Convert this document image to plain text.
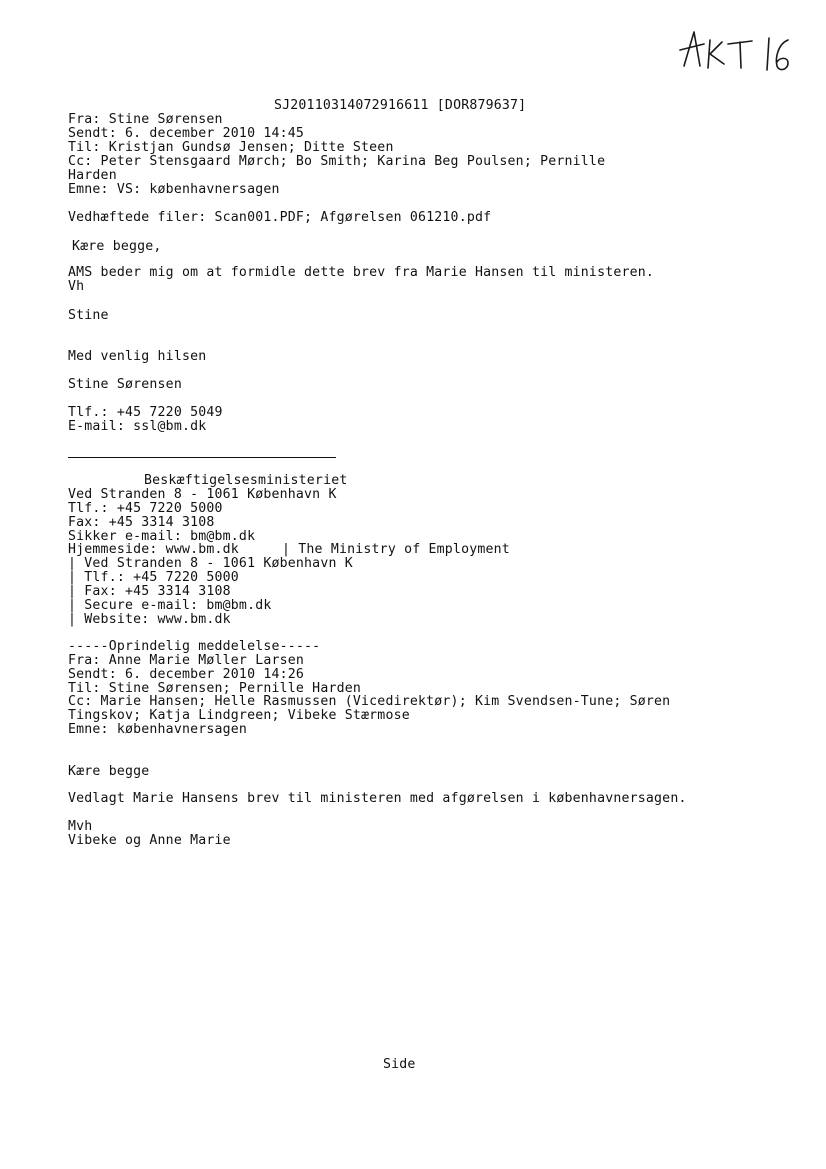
SJ20110314072916611 [DOR879637]
Fra: Stine Sørensen
Sendt: 6. december 2010 14:45
Til: Kristjan Gundsø Jensen; Ditte Steen
Cc: Peter Stensgaard Mørch; Bo Smith; Karina Beg Poulsen; Pernille
Harden
Emne: VS: københavnersagen
Vedhæftede filer: Scan001.PDF; Afgørelsen 061210.pdf
Kære begge,
AMS beder mig om at formidle dette brev fra Marie Hansen til ministeren.
Vh
Stine
Med venlig hilsen
Stine Sørensen
Tlf.: +45 7220 5049
E-mail: ssl@bm.dk
Beskæftigelsesministeriet
Ved Stranden 8 - 1061 København K
Tlf.: +45 7220 5000
Fax: +45 3314 3108
Sikker e-mail: bm@bm.dk
Hjemmeside: www.bm.dk	| The Ministry of Employment
| Ved Stranden 8 - 1061 København K
| Tlf.: +45 7220 5000
| Fax: +45 3314 3108
| Secure e-mail: bm@bm.dk
| Website: www.bm.dk
-----Oprindelig meddelelse-----
Fra: Anne Marie Møller Larsen
Sendt: 6. december 2010 14:26
Til: Stine Sørensen; Pernille Harden
Cc: Marie Hansen; Helle Rasmussen (Vicedirektør); Kim Svendsen-Tune; Søren
Tingskov; Katja Lindgreen; Vibeke Stærmose
Emne: københavnersagen
Kære begge
Vedlagt Marie Hansens brev til ministeren med afgørelsen i københavnersagen.
Mvh
Vibeke og Anne Marie
Side
